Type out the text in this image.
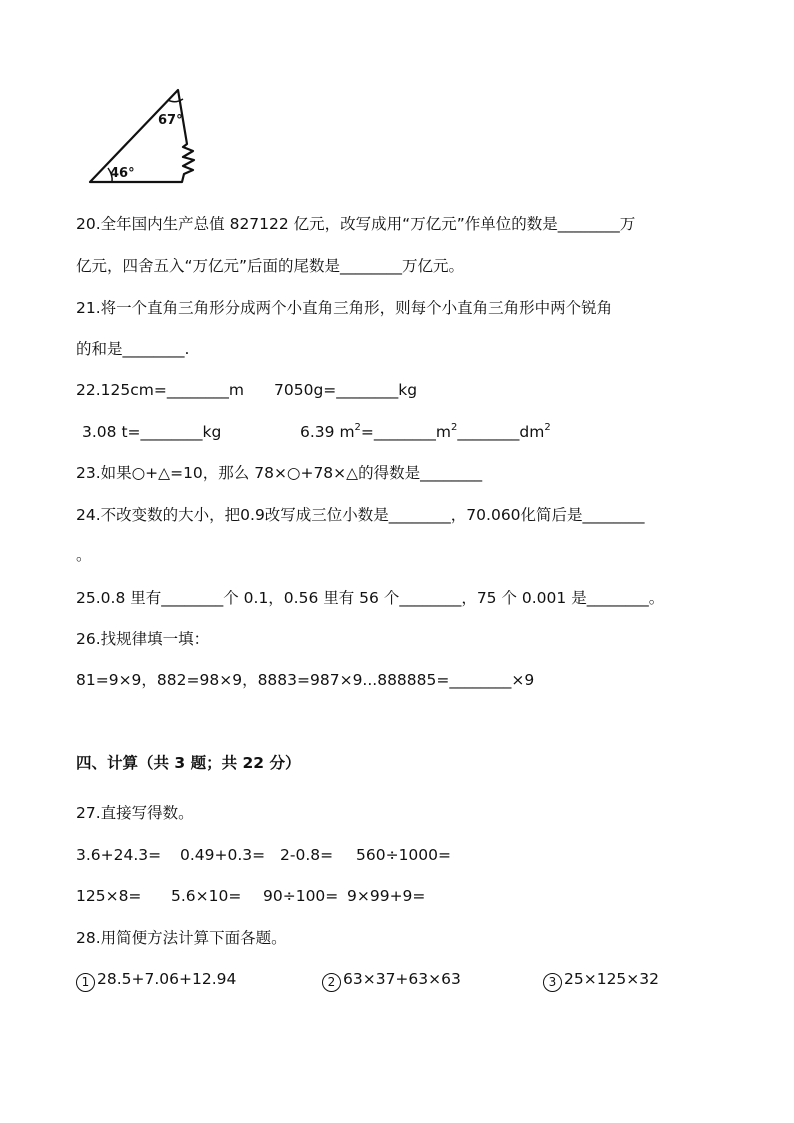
67°
46°
20.全年国内生产总值 827122 亿元，改写成用“万亿元”作单位的数是________万
亿元，四舍五入“万亿元”后面的尾数是________万亿元。
21.将一个直角三角形分成两个小直角三角形，则每个小直角三角形中两个锐角
的和是________.
22.125cm=________m 7050g=________kg
3.08 t=________kg	6.39 $m^2=\_\_\_\_\_\_\_\_m^2\_\_\_\_\_\_\_\_dm^2$
23.如果○+△=10，那么 78×○+78×△的得数是________
24.不改变数的大小，把0.9改写成三位小数是________，70.060化简后是________
。
25.0.8 里有________个 0.1，0.56 里有 56 个________，75 个 0.001 是________。
26.找规律填一填：
81=9×9，882=98×9，8883=987×9...888885=________×9
四、计算（共 3 题；共 22 分）
27.直接写得数。
3.6+24.3= 0.49+0.3= 2-0.8= 560÷1000=
125×8= 5.6×10= 90÷100= 9×99+9=
28.用简便方法计算下面各题。
1 28.5+7.06+12.94	2 63×37+63×63	3 25×125×32
